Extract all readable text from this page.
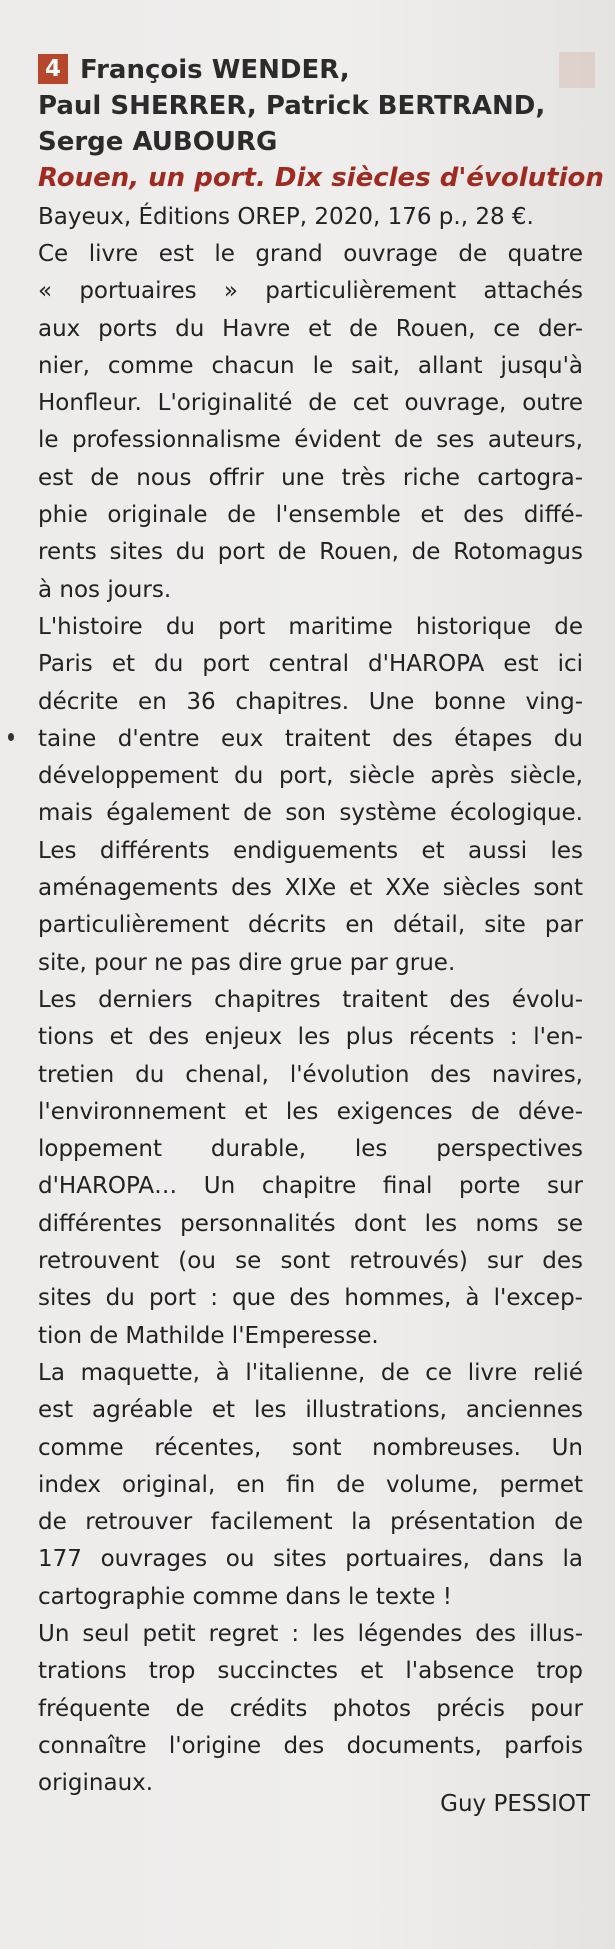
4 François WENDER,
Paul SHERRER, Patrick BERTRAND,
Serge AUBOURG
Rouen, un port. Dix siècles d'évolution
Bayeux, Éditions OREP, 2020, 176 p., 28 €.

Ce livre est le grand ouvrage de quatre
« portuaires » particulièrement attachés
aux ports du Havre et de Rouen, ce der-
nier, comme chacun le sait, allant jusqu'à
Honfleur. L'originalité de cet ouvrage, outre
le professionnalisme évident de ses auteurs,
est de nous offrir une très riche cartogra-
phie originale de l'ensemble et des diffé-
rents sites du port de Rouen, de Rotomagus
à nos jours.

L'histoire du port maritime historique de
Paris et du port central d'HAROPA est ici
décrite en 36 chapitres. Une bonne ving-
taine d'entre eux traitent des étapes du
développement du port, siècle après siècle,
mais également de son système écologique.
Les différents endiguements et aussi les
aménagements des XIXe et XXe siècles sont
particulièrement décrits en détail, site par
site, pour ne pas dire grue par grue.

Les derniers chapitres traitent des évolu-
tions et des enjeux les plus récents : l'en-
tretien du chenal, l'évolution des navires,
l'environnement et les exigences de déve-
loppement durable, les perspectives
d'HAROPA… Un chapitre final porte sur
différentes personnalités dont les noms se
retrouvent (ou se sont retrouvés) sur des
sites du port : que des hommes, à l'excep-
tion de Mathilde l'Emperesse.

La maquette, à l'italienne, de ce livre relié
est agréable et les illustrations, anciennes
comme récentes, sont nombreuses. Un
index original, en fin de volume, permet
de retrouver facilement la présentation de
177 ouvrages ou sites portuaires, dans la
cartographie comme dans le texte !

Un seul petit regret : les légendes des illus-
trations trop succinctes et l'absence trop
fréquente de crédits photos précis pour
connaître l'origine des documents, parfois
originaux.

Guy PESSIOT
